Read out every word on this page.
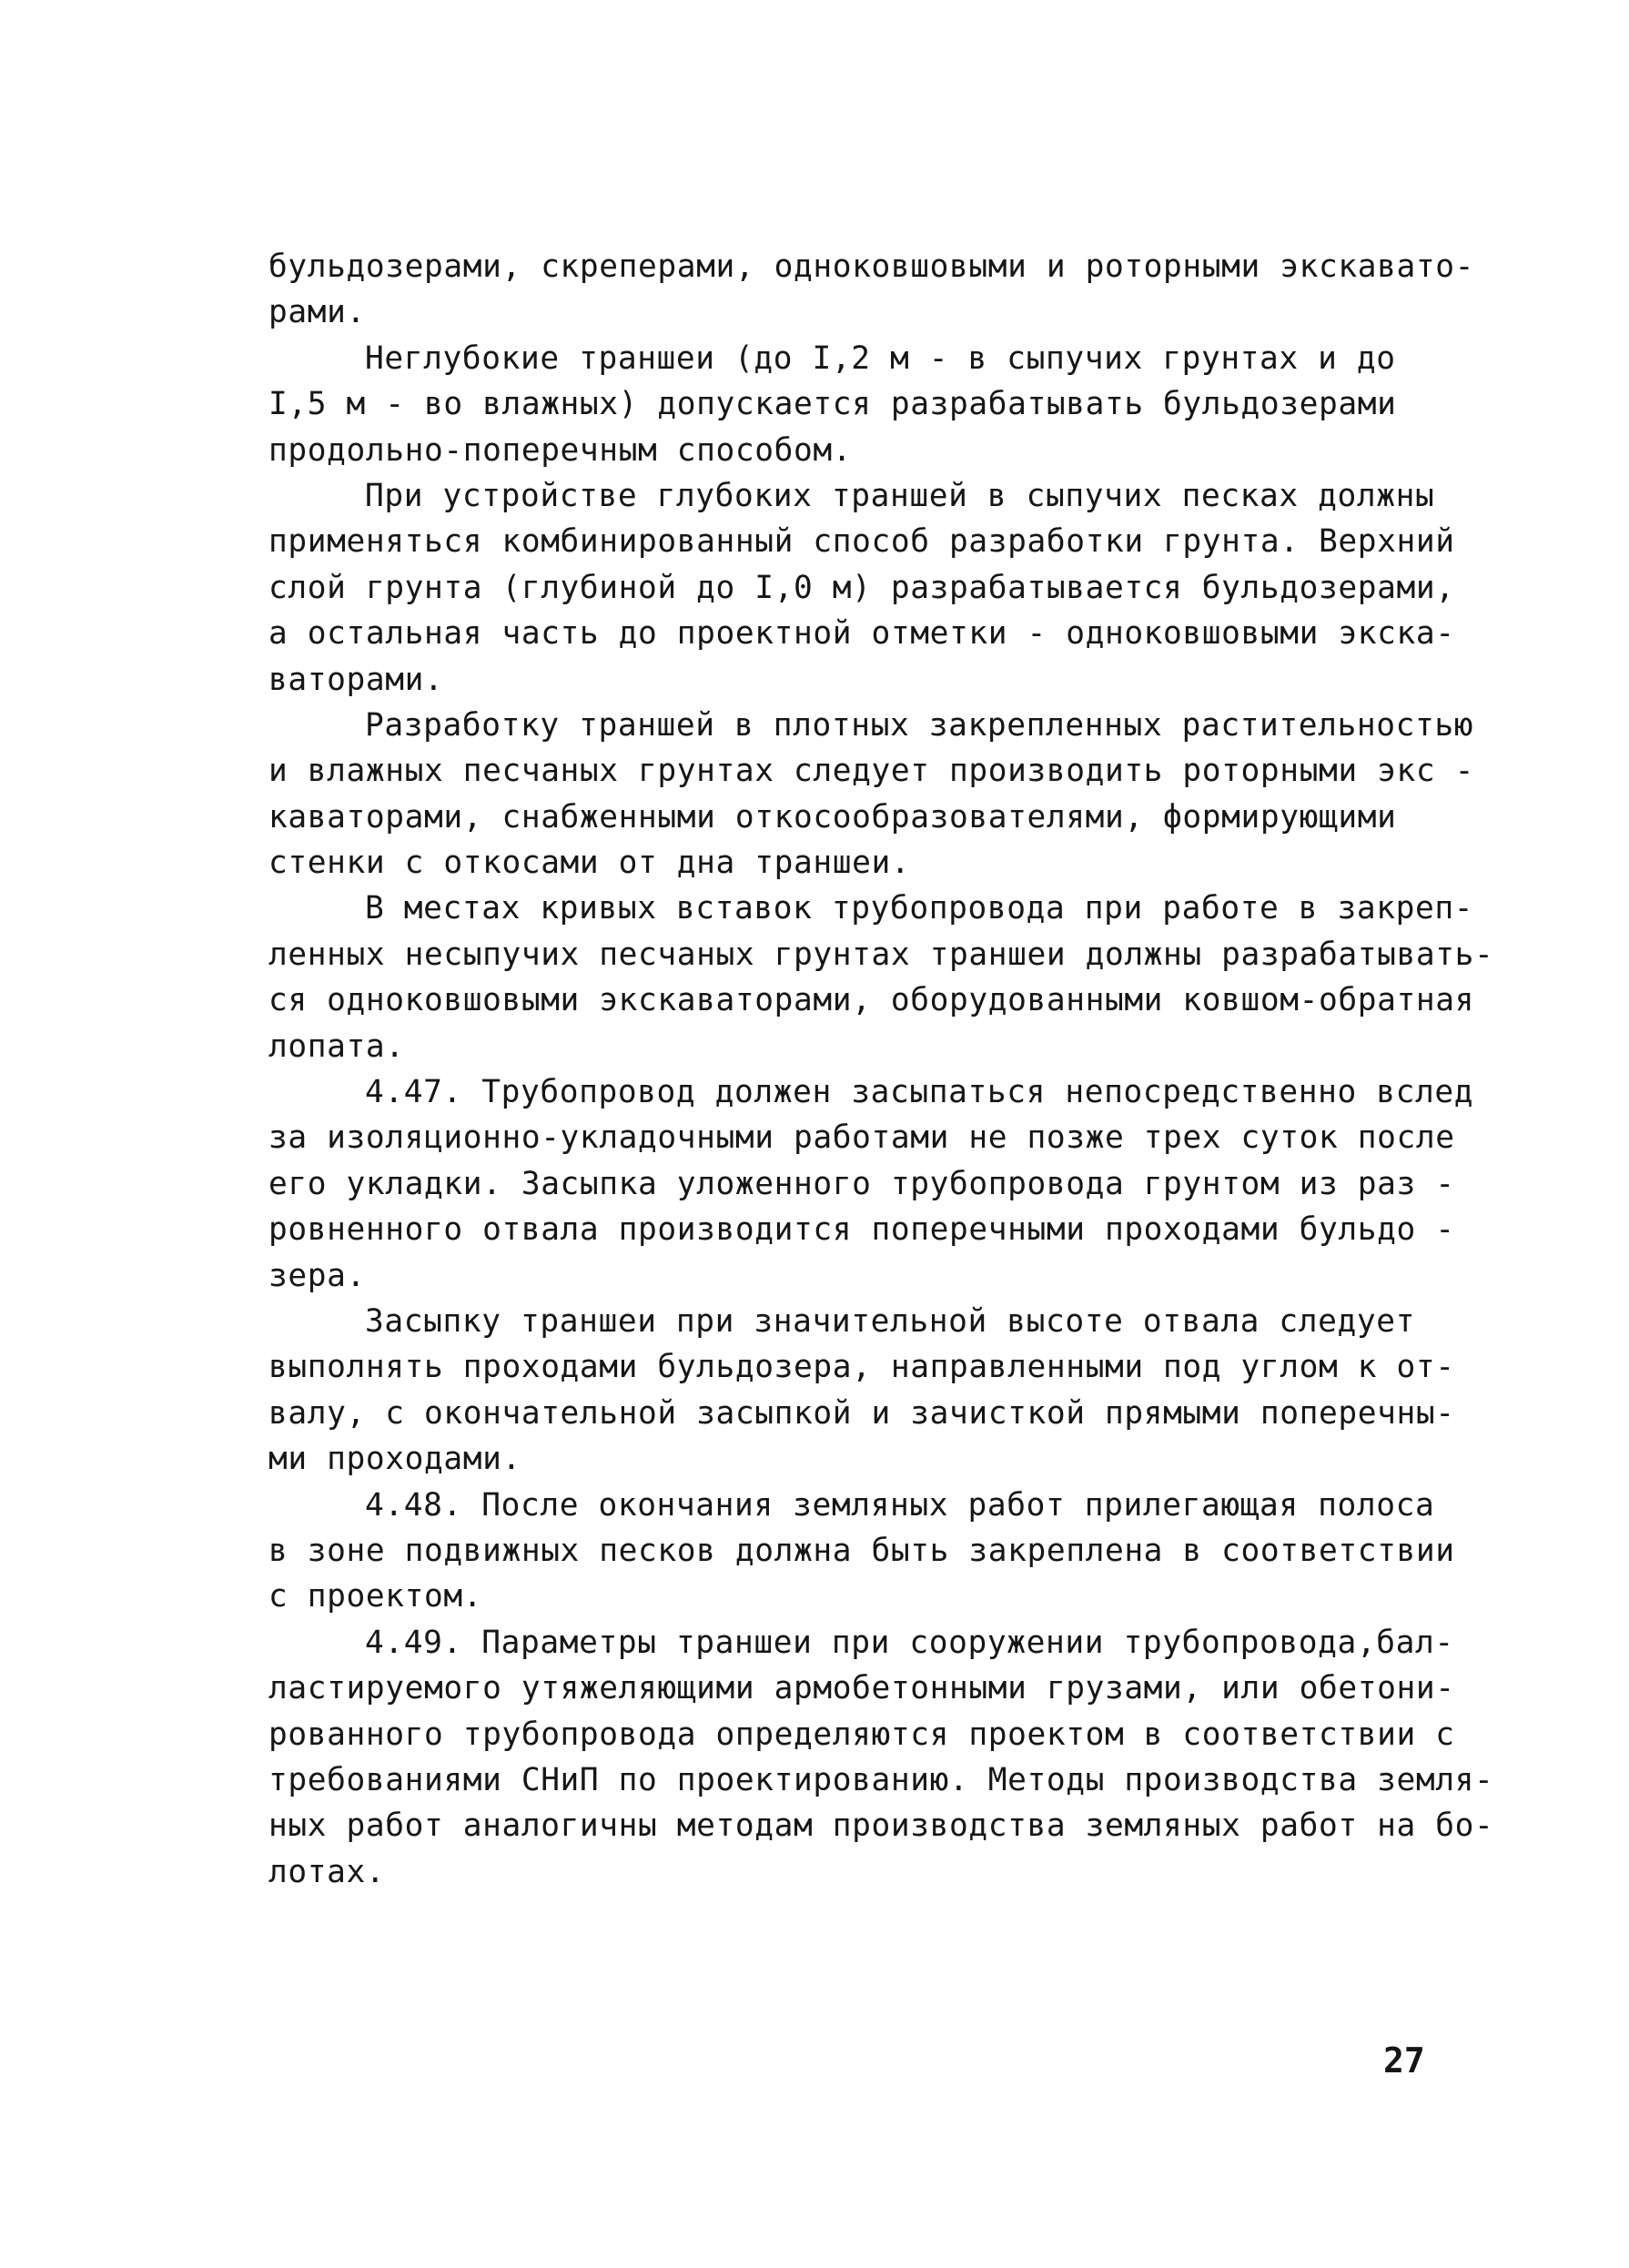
бульдозерами, скреперами, одноковшовыми и роторными экскавато-
рами.
Неглубокие траншеи (до I,2 м - в сыпучих грунтах и до
I,5 м - во влажных) допускается разрабатывать бульдозерами
продольно-поперечным способом.
При устройстве глубоких траншей в сыпучих песках должны
применяться комбинированный способ разработки грунта. Верхний
слой грунта (глубиной до I,0 м) разрабатывается бульдозерами,
а остальная часть до проектной отметки - одноковшовыми экска-
ваторами.
Разработку траншей в плотных закрепленных растительностью
и влажных песчаных грунтах следует производить роторными экс -
каваторами, снабженными откосообразователями, формирующими
стенки с откосами от дна траншеи.
В местах кривых вставок трубопровода при работе в закреп-
ленных несыпучих песчаных грунтах траншеи должны разрабатывать-
ся одноковшовыми экскаваторами, оборудованными ковшом-обратная
лопата.
4.47. Трубопровод должен засыпаться непосредственно вслед
за изоляционно-укладочными работами не позже трех суток после
его укладки. Засыпка уложенного трубопровода грунтом из раз -
ровненного отвала производится поперечными проходами бульдо -
зера.
Засыпку траншеи при значительной высоте отвала следует
выполнять проходами бульдозера, направленными под углом к от-
валу, с окончательной засыпкой и зачисткой прямыми поперечны-
ми проходами.
4.48. После окончания земляных работ прилегающая полоса
в зоне подвижных песков должна быть закреплена в соответствии
с проектом.
4.49. Параметры траншеи при сооружении трубопровода,бал-
ластируемого утяжеляющими армобетонными грузами, или обетони-
рованного трубопровода определяются проектом в соответствии с
требованиями СНиП по проектированию. Методы производства земля-
ных работ аналогичны методам производства земляных работ на бо-
лотах.
27
